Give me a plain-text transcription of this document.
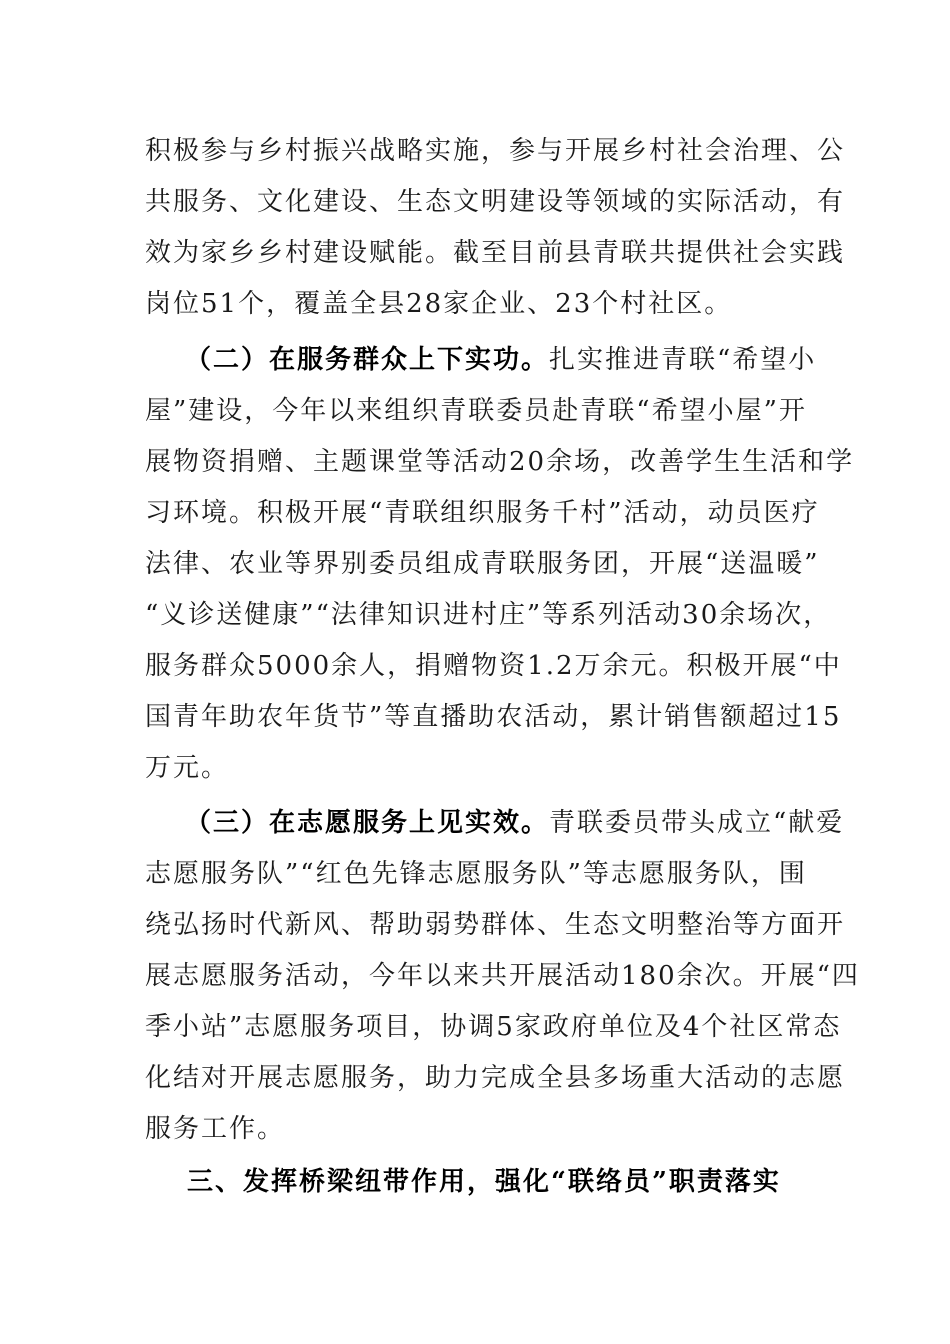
积极参与乡村振兴战略实施，参与开展乡村社会治理、公
共服务、文化建设、生态文明建设等领域的实际活动，有
效为家乡乡村建设赋能。截至目前县青联共提供社会实践
岗位51个，覆盖全县28家企业、23个村社区。
（二）在服务群众上下实功。扎实推进青联“希望小
屋”建设，今年以来组织青联委员赴青联“希望小屋”开
展物资捐赠、主题课堂等活动20余场，改善学生生活和学
习环境。积极开展“青联组织服务千村”活动，动员医疗
法律、农业等界别委员组成青联服务团，开展“送温暖”
“义诊送健康”“法律知识进村庄”等系列活动30余场次，
服务群众5000余人，捐赠物资1.2万余元。积极开展“中
国青年助农年货节”等直播助农活动，累计销售额超过15
万元。
（三）在志愿服务上见实效。青联委员带头成立“献爱
志愿服务队”“红色先锋志愿服务队”等志愿服务队，围
绕弘扬时代新风、帮助弱势群体、生态文明整治等方面开
展志愿服务活动，今年以来共开展活动180余次。开展“四
季小站”志愿服务项目，协调5家政府单位及4个社区常态
化结对开展志愿服务，助力完成全县多场重大活动的志愿
服务工作。
三、发挥桥梁纽带作用，强化“联络员”职责落实
